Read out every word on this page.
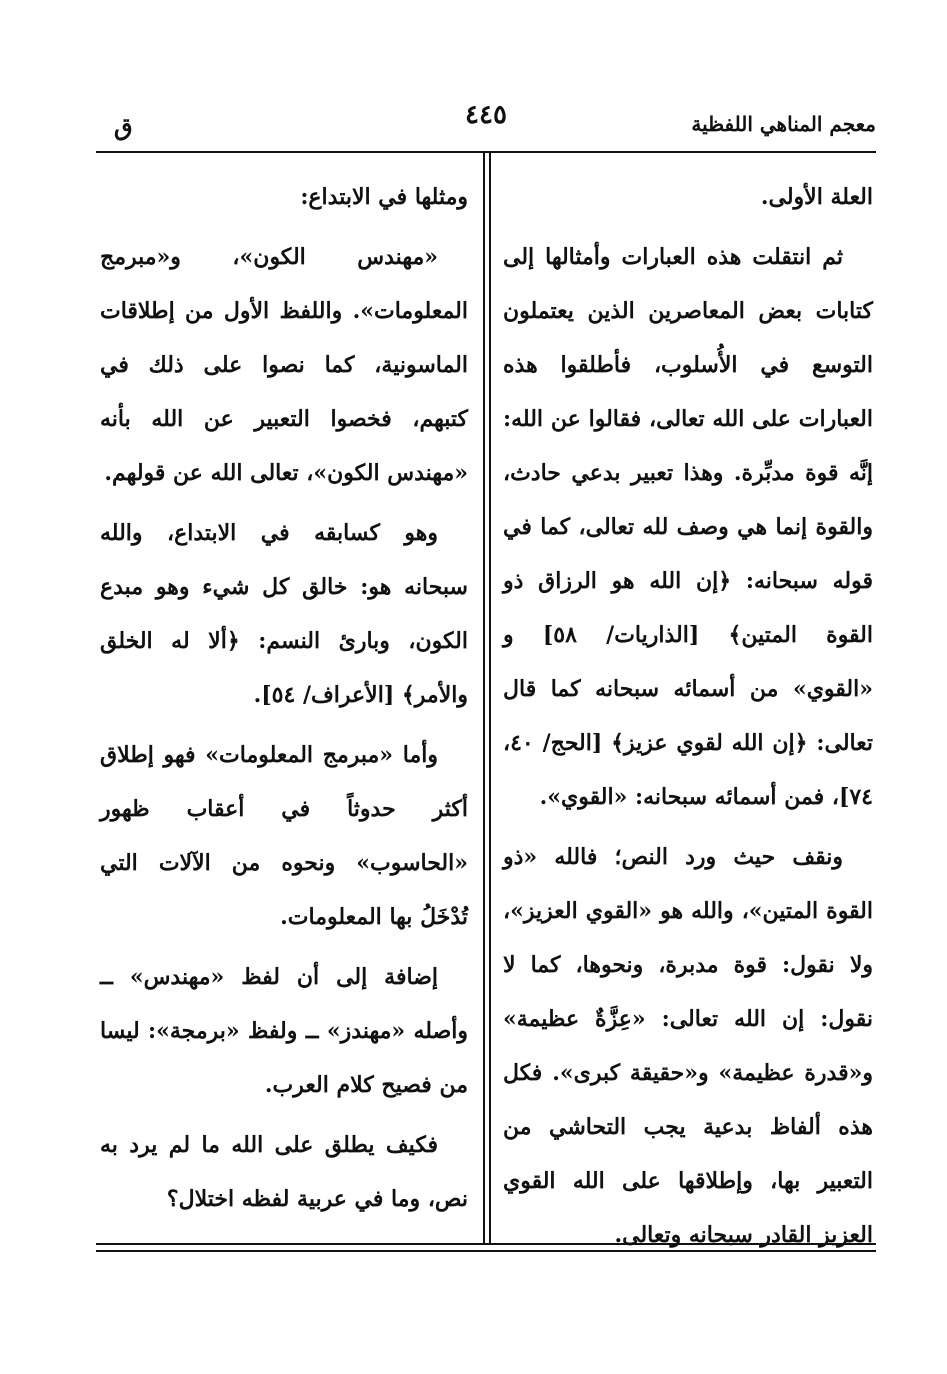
معجم المناهي اللفظية
٤٤٥
ق

العلة الأولى.

ثم انتقلت هذه العبارات وأمثالها إلى كتابات بعض المعاصرين الذين يعتملون التوسع في الأُسلوب، فأطلقوا هذه العبارات على الله تعالى، فقالوا عن الله: إنَّه قوة مدبِّرة. وهذا تعبير بدعي حادث، والقوة إنما هي وصف لله تعالى، كما في قوله سبحانه: ﴿إن الله هو الرزاق ذو القوة المتين﴾ [الذاريات/ ٥٨] و «القوي» من أسمائه سبحانه كما قال تعالى: ﴿إن الله لقوي عزيز﴾ [الحج/ ٤٠، ٧٤]، فمن أسمائه سبحانه: «القوي».

ونقف حيث ورد النص؛ فالله «ذو القوة المتين»، والله هو «القوي العزيز»، ولا نقول: قوة مدبرة، ونحوها، كما لا نقول: إن الله تعالى: «عِزَّةٌ عظيمة» و«قدرة عظيمة» و«حقيقة كبرى». فكل هذه ألفاظ بدعية يجب التحاشي من التعبير بها، وإطلاقها على الله القوي العزيز القادر سبحانه وتعالى.

ومثلها في الابتداع:

«مهندس الكون»، و«مبرمج المعلومات». واللفظ الأول من إطلاقات الماسونية، كما نصوا على ذلك في كتبهم، فخصوا التعبير عن الله بأنه «مهندس الكون»، تعالى الله عن قولهم.

وهو كسابقه في الابتداع، والله سبحانه هو: خالق كل شيء وهو مبدع الكون، وبارئ النسم: ﴿ألا له الخلق والأمر﴾ [الأعراف/ ٥٤].

وأما «مبرمج المعلومات» فهو إطلاق أكثر حدوثاً في أعقاب ظهور «الحاسوب» ونحوه من الآلات التي تُدْخَلُ بها المعلومات.

إضافة إلى أن لفظ «مهندس» ــ وأصله «مهندز» ــ ولفظ «برمجة»: ليسا من فصيح كلام العرب.

فكيف يطلق على الله ما لم يرد به نص، وما في عربية لفظه اختلال؟
